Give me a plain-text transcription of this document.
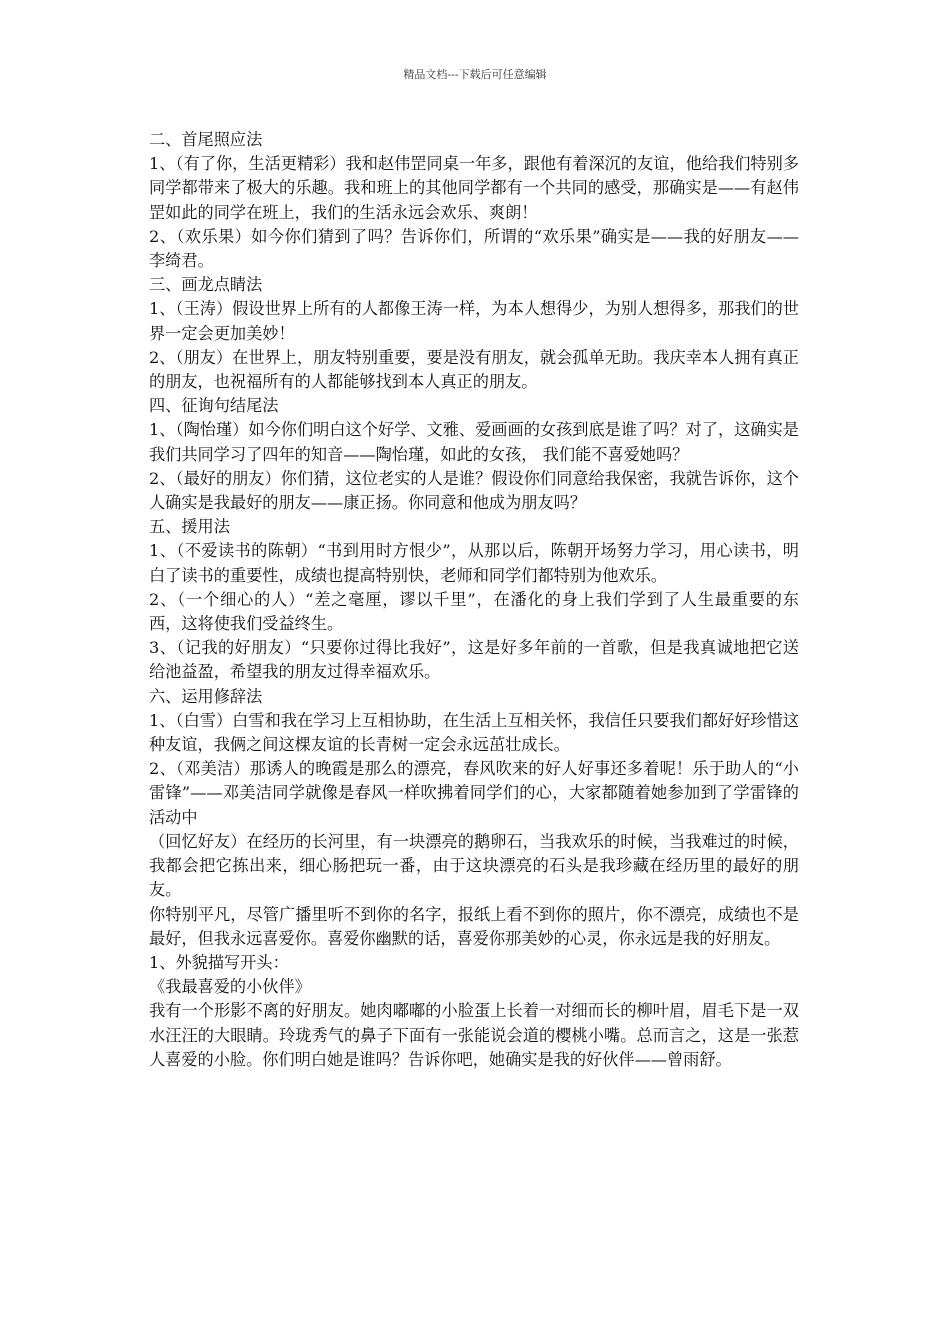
精品文档---下载后可任意编辑

二、首尾照应法

1、（有了你，生活更精彩）我和赵伟罡同桌一年多，跟他有着深沉的友谊，他给我们特别多同学都带来了极大的乐趣。我和班上的其他同学都有一个共同的感受，那确实是——有赵伟罡如此的同学在班上，我们的生活永远会欢乐、爽朗！

2、（欢乐果）如今你们猜到了吗？告诉你们，所谓的“欢乐果”确实是——我的好朋友——李绮君。

三、画龙点睛法

1、（王涛）假设世界上所有的人都像王涛一样，为本人想得少，为别人想得多，那我们的世界一定会更加美妙！

2、（朋友）在世界上，朋友特别重要，要是没有朋友，就会孤单无助。我庆幸本人拥有真正的朋友，也祝福所有的人都能够找到本人真正的朋友。

四、征询句结尾法

1、（陶怡瑾）如今你们明白这个好学、文雅、爱画画的女孩到底是谁了吗？对了，这确实是我们共同学习了四年的知音——陶怡瑾，如此的女孩， 我们能不喜爱她吗？

2、（最好的朋友）你们猜，这位老实的人是谁？假设你们同意给我保密，我就告诉你，这个人确实是我最好的朋友——康正扬。你同意和他成为朋友吗？

五、援用法

1、（不爱读书的陈朝）“书到用时方恨少”，从那以后，陈朝开场努力学习，用心读书，明白了读书的重要性，成绩也提高特别快，老师和同学们都特别为他欢乐。

2、（一个细心的人）“差之毫厘，谬以千里”，在潘化的身上我们学到了人生最重要的东西，这将使我们受益终生。

3、（记我的好朋友）“只要你过得比我好”，这是好多年前的一首歌，但是我真诚地把它送给池益盈，希望我的朋友过得幸福欢乐。

六、运用修辞法

1、（白雪）白雪和我在学习上互相协助，在生活上互相关怀，我信任只要我们都好好珍惜这种友谊，我俩之间这棵友谊的长青树一定会永远茁壮成长。

2、（邓美洁）那诱人的晚霞是那么的漂亮，春风吹来的好人好事还多着呢！乐于助人的“小雷锋”——邓美洁同学就像是春风一样吹拂着同学们的心，大家都随着她参加到了学雷锋的活动中

（回忆好友）在经历的长河里，有一块漂亮的鹅卵石，当我欢乐的时候，当我难过的时候，我都会把它拣出来，细心肠把玩一番，由于这块漂亮的石头是我珍藏在经历里的最好的朋友。

你特别平凡，尽管广播里听不到你的名字，报纸上看不到你的照片，你不漂亮，成绩也不是最好，但我永远喜爱你。喜爱你幽默的话，喜爱你那美妙的心灵，你永远是我的好朋友。

1、外貌描写开头：

《我最喜爱的小伙伴》

我有一个形影不离的好朋友。她肉嘟嘟的小脸蛋上长着一对细而长的柳叶眉，眉毛下是一双水汪汪的大眼睛。玲珑秀气的鼻子下面有一张能说会道的樱桃小嘴。总而言之，这是一张惹人喜爱的小脸。你们明白她是谁吗？告诉你吧，她确实是我的好伙伴——曾雨舒。
